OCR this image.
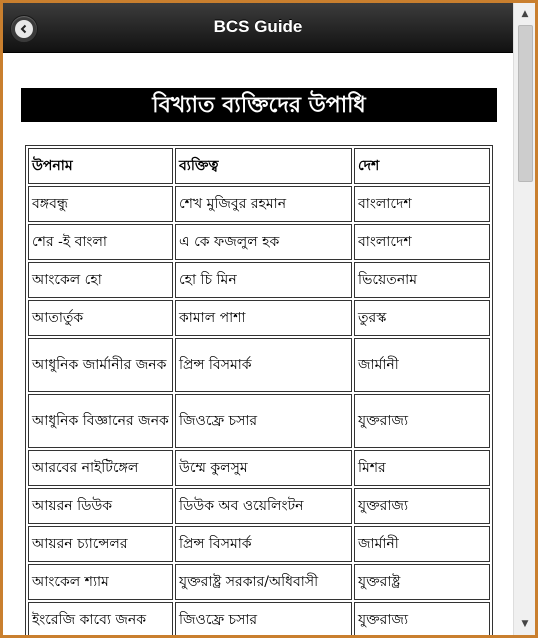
BCS Guide
বিখ্যাত ব্যক্তিদের উপাধি
উপনাম	ব্যক্তিত্ব	দেশ
বঙ্গবন্ধু	শেখ মুজিবুর রহমান	বাংলাদেশ
শের -ই বাংলা	এ কে ফজলুল হক	বাংলাদেশ
আংকেল হো	হো চি মিন	ভিয়েতনাম
আতার্তুক	কামাল পাশা	তুরস্ক
আধুনিক জার্মানীর জনক	প্রিন্স বিসমার্ক	জার্মানী
আধুনিক বিজ্ঞানের জনক	জিওফ্রে চসার	যুক্তরাজ্য
আরবের নাইটিঙ্গেল	উম্মে কুলসুম	মিশর
আয়রন ডিউক	ডিউক অব ওয়েলিংটন	যুক্তরাজ্য
আয়রন চ্যান্সেলর	প্রিন্স বিসমার্ক	জার্মানী
আংকেল শ্যাম	যুক্তরাষ্ট্র সরকার/অধিবাসী	যুক্তরাষ্ট্র
ইংরেজি কাব্যে জনক	জিওফ্রে চসার	যুক্তরাজ্য
▲
▼
